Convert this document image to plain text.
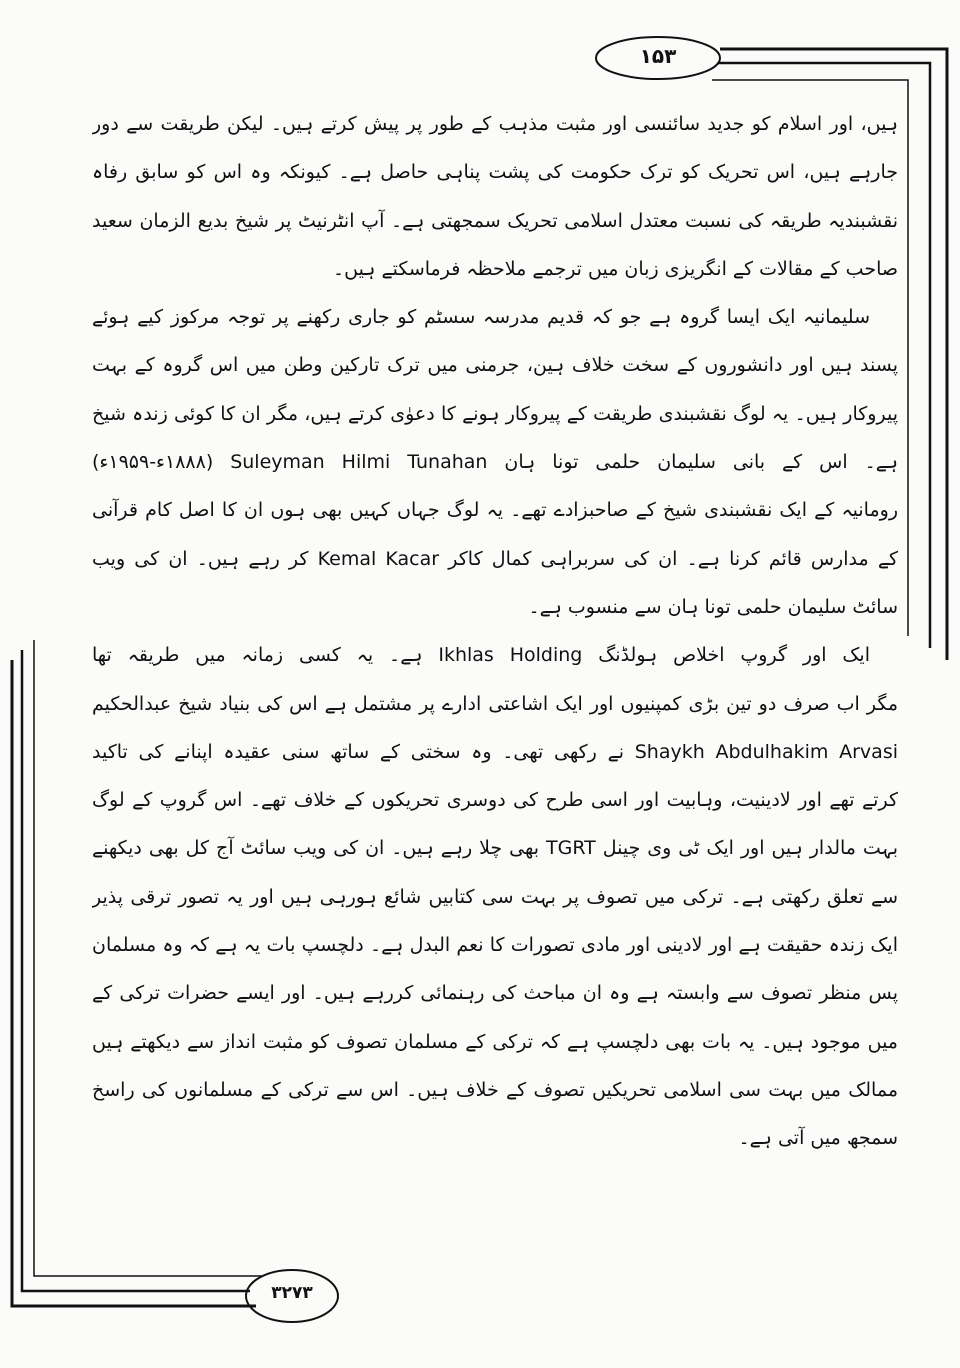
۱۵۳
۳۲۷۳
ہیں، اور اسلام کو جدید سائنسی اور مثبت مذہب کے طور پر پیش کرتے ہیں۔ لیکن طریقت سے دور
جارہے ہیں، اس تحریک کو ترک حکومت کی پشت پناہی حاصل ہے۔ کیونکہ وہ اس کو سابق رفاہ
نقشبندیہ طریقہ کی نسبت معتدل اسلامی تحریک سمجھتی ہے۔ آپ انٹرنیٹ پر شیخ بدیع الزمان سعید
صاحب کے مقالات کے انگریزی زبان میں ترجمے ملاحظہ فرماسکتے ہیں۔
سلیمانیہ ایک ایسا گروہ ہے جو کہ قدیم مدرسہ سسٹم کو جاری رکھنے پر توجہ مرکوز کیے ہوئے
پسند ہیں اور دانشوروں کے سخت خلاف ہین، جرمنی میں ترک تارکین وطن میں اس گروہ کے بہت
پیروکار ہیں۔ یہ لوگ نقشبندی طریقت کے پیروکار ہونے کا دعوٰی کرتے ہیں، مگر ان کا کوئی زندہ شیخ
ہے۔ اس کے بانی سلیمان حلمی تونا ہان Suleyman Hilmi Tunahan (۱۸۸۸ء-۱۹۵۹ء)
رومانیہ کے ایک نقشبندی شیخ کے صاحبزادے تھے۔ یہ لوگ جہاں کہیں بھی ہوں ان کا اصل کام قرآنی
کے مدارس قائم کرنا ہے۔ ان کی سربراہی کمال کاکر Kemal Kacar کر رہے ہیں۔ ان کی ویب
سائٹ سلیمان حلمی تونا ہان سے منسوب ہے۔
ایک اور گروپ اخلاص ہولڈنگ Ikhlas Holding ہے۔ یہ کسی زمانہ میں طریقہ تھا
مگر اب صرف دو تین بڑی کمپنیوں اور ایک اشاعتی ادارے پر مشتمل ہے اس کی بنیاد شیخ عبدالحکیم
Shaykh Abdulhakim Arvasi نے رکھی تھی۔ وہ سختی کے ساتھ سنی عقیدہ اپنانے کی تاکید
کرتے تھے اور لادینیت، وہابیت اور اسی طرح کی دوسری تحریکوں کے خلاف تھے۔ اس گروپ کے لوگ
بہت مالدار ہیں اور ایک ٹی وی چینل TGRT بھی چلا رہے ہیں۔ ان کی ویب سائٹ آج کل بھی دیکھنے
سے تعلق رکھتی ہے۔ ترکی میں تصوف پر بہت سی کتابیں شائع ہورہی ہیں اور یہ تصور ترقی پذیر
ایک زندہ حقیقت ہے اور لادینی اور مادی تصورات کا نعم البدل ہے۔ دلچسپ بات یہ ہے کہ وہ مسلمان
پس منظر تصوف سے وابستہ ہے وہ ان مباحث کی رہنمائی کررہے ہیں۔ اور ایسے حضرات ترکی کے
میں موجود ہیں۔ یہ بات بھی دلچسپ ہے کہ ترکی کے مسلمان تصوف کو مثبت انداز سے دیکھتے ہیں
ممالک میں بہت سی اسلامی تحریکیں تصوف کے خلاف ہیں۔ اس سے ترکی کے مسلمانوں کی راسخ
سمجھ میں آتی ہے۔
